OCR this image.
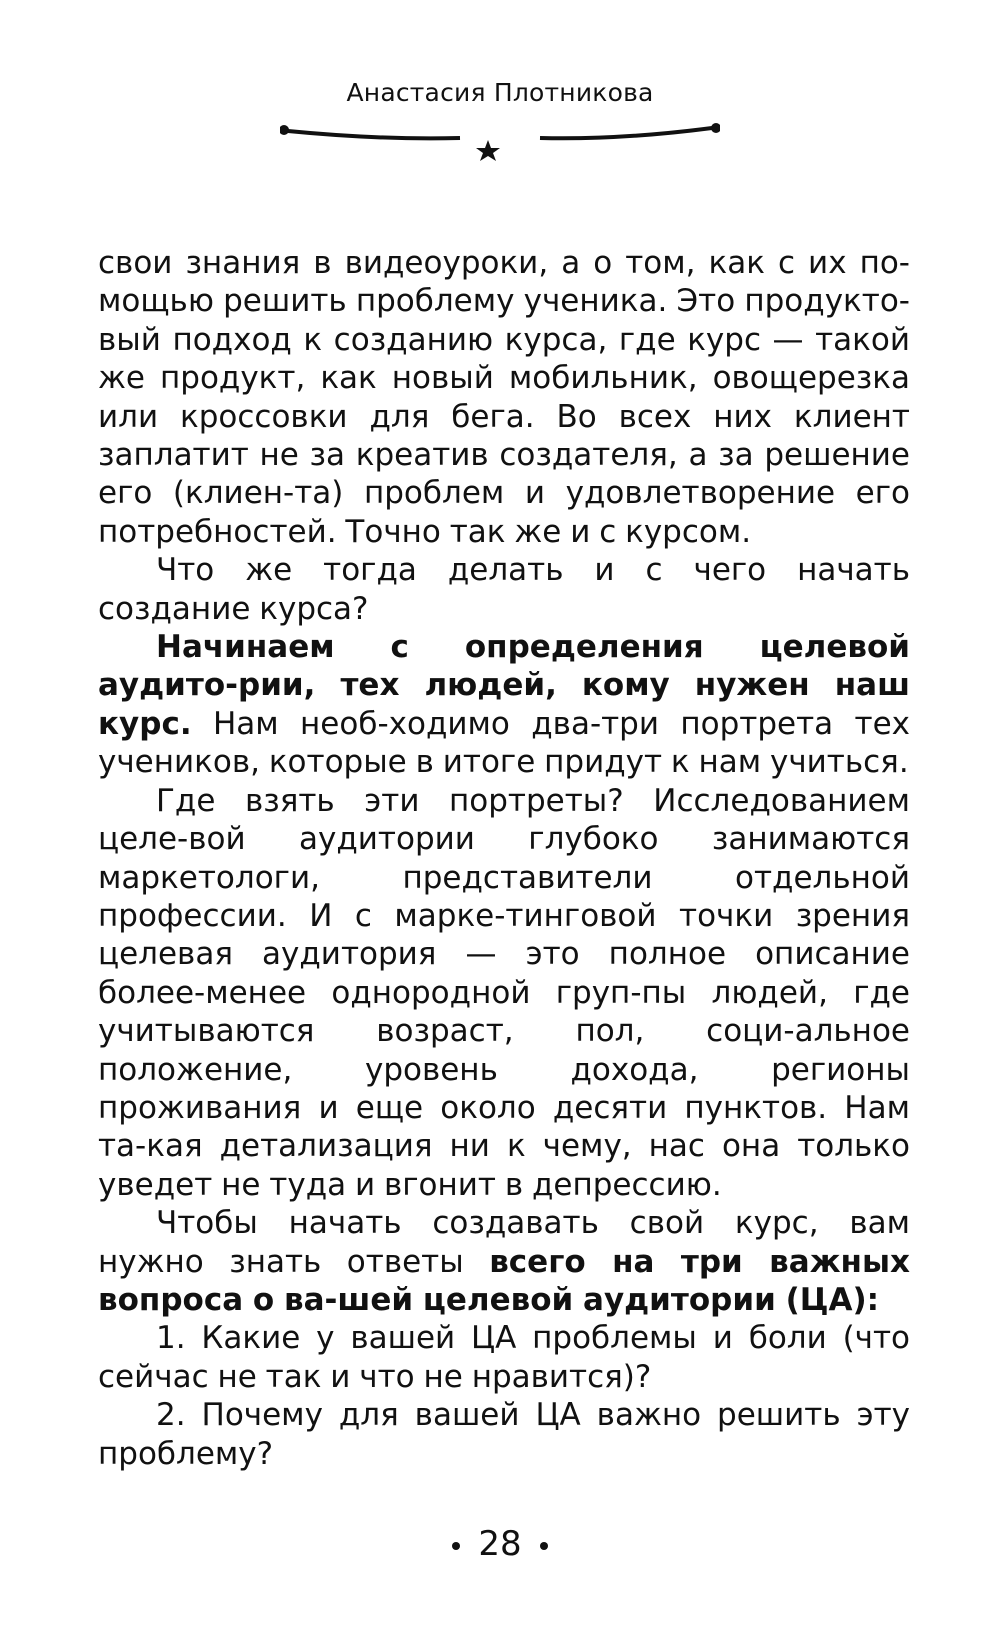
Анастасия Плотникова

свои знания в видеоуроки, а о том, как с их по-мощью решить проблему ученика. Это продукто-вый подход к созданию курса, где курс — такой же продукт, как новый мобильник, овощерезка или кроссовки для бега. Во всех них клиент заплатит не за креатив создателя, а за решение его (клиен-та) проблем и удовлетворение его потребностей. Точно так же и с курсом.

Что же тогда делать и с чего начать создание курса?

Начинаем с определения целевой аудито-рии, тех людей, кому нужен наш курс. Нам необ-ходимо два-три портрета тех учеников, которые в итоге придут к нам учиться.

Где взять эти портреты? Исследованием целе-вой аудитории глубоко занимаются маркетологи, представители отдельной профессии. И с марке-тинговой точки зрения целевая аудитория — это полное описание более-менее однородной груп-пы людей, где учитываются возраст, пол, соци-альное положение, уровень дохода, регионы проживания и еще около десяти пунктов. Нам та-кая детализация ни к чему, нас она только уведет не туда и вгонит в депрессию.

Чтобы начать создавать свой курс, вам нужно знать ответы всего на три важных вопроса о ва-шей целевой аудитории (ЦА):

1. Какие у вашей ЦА проблемы и боли (что сейчас не так и что не нравится)?

2. Почему для вашей ЦА важно решить эту проблему?

28
